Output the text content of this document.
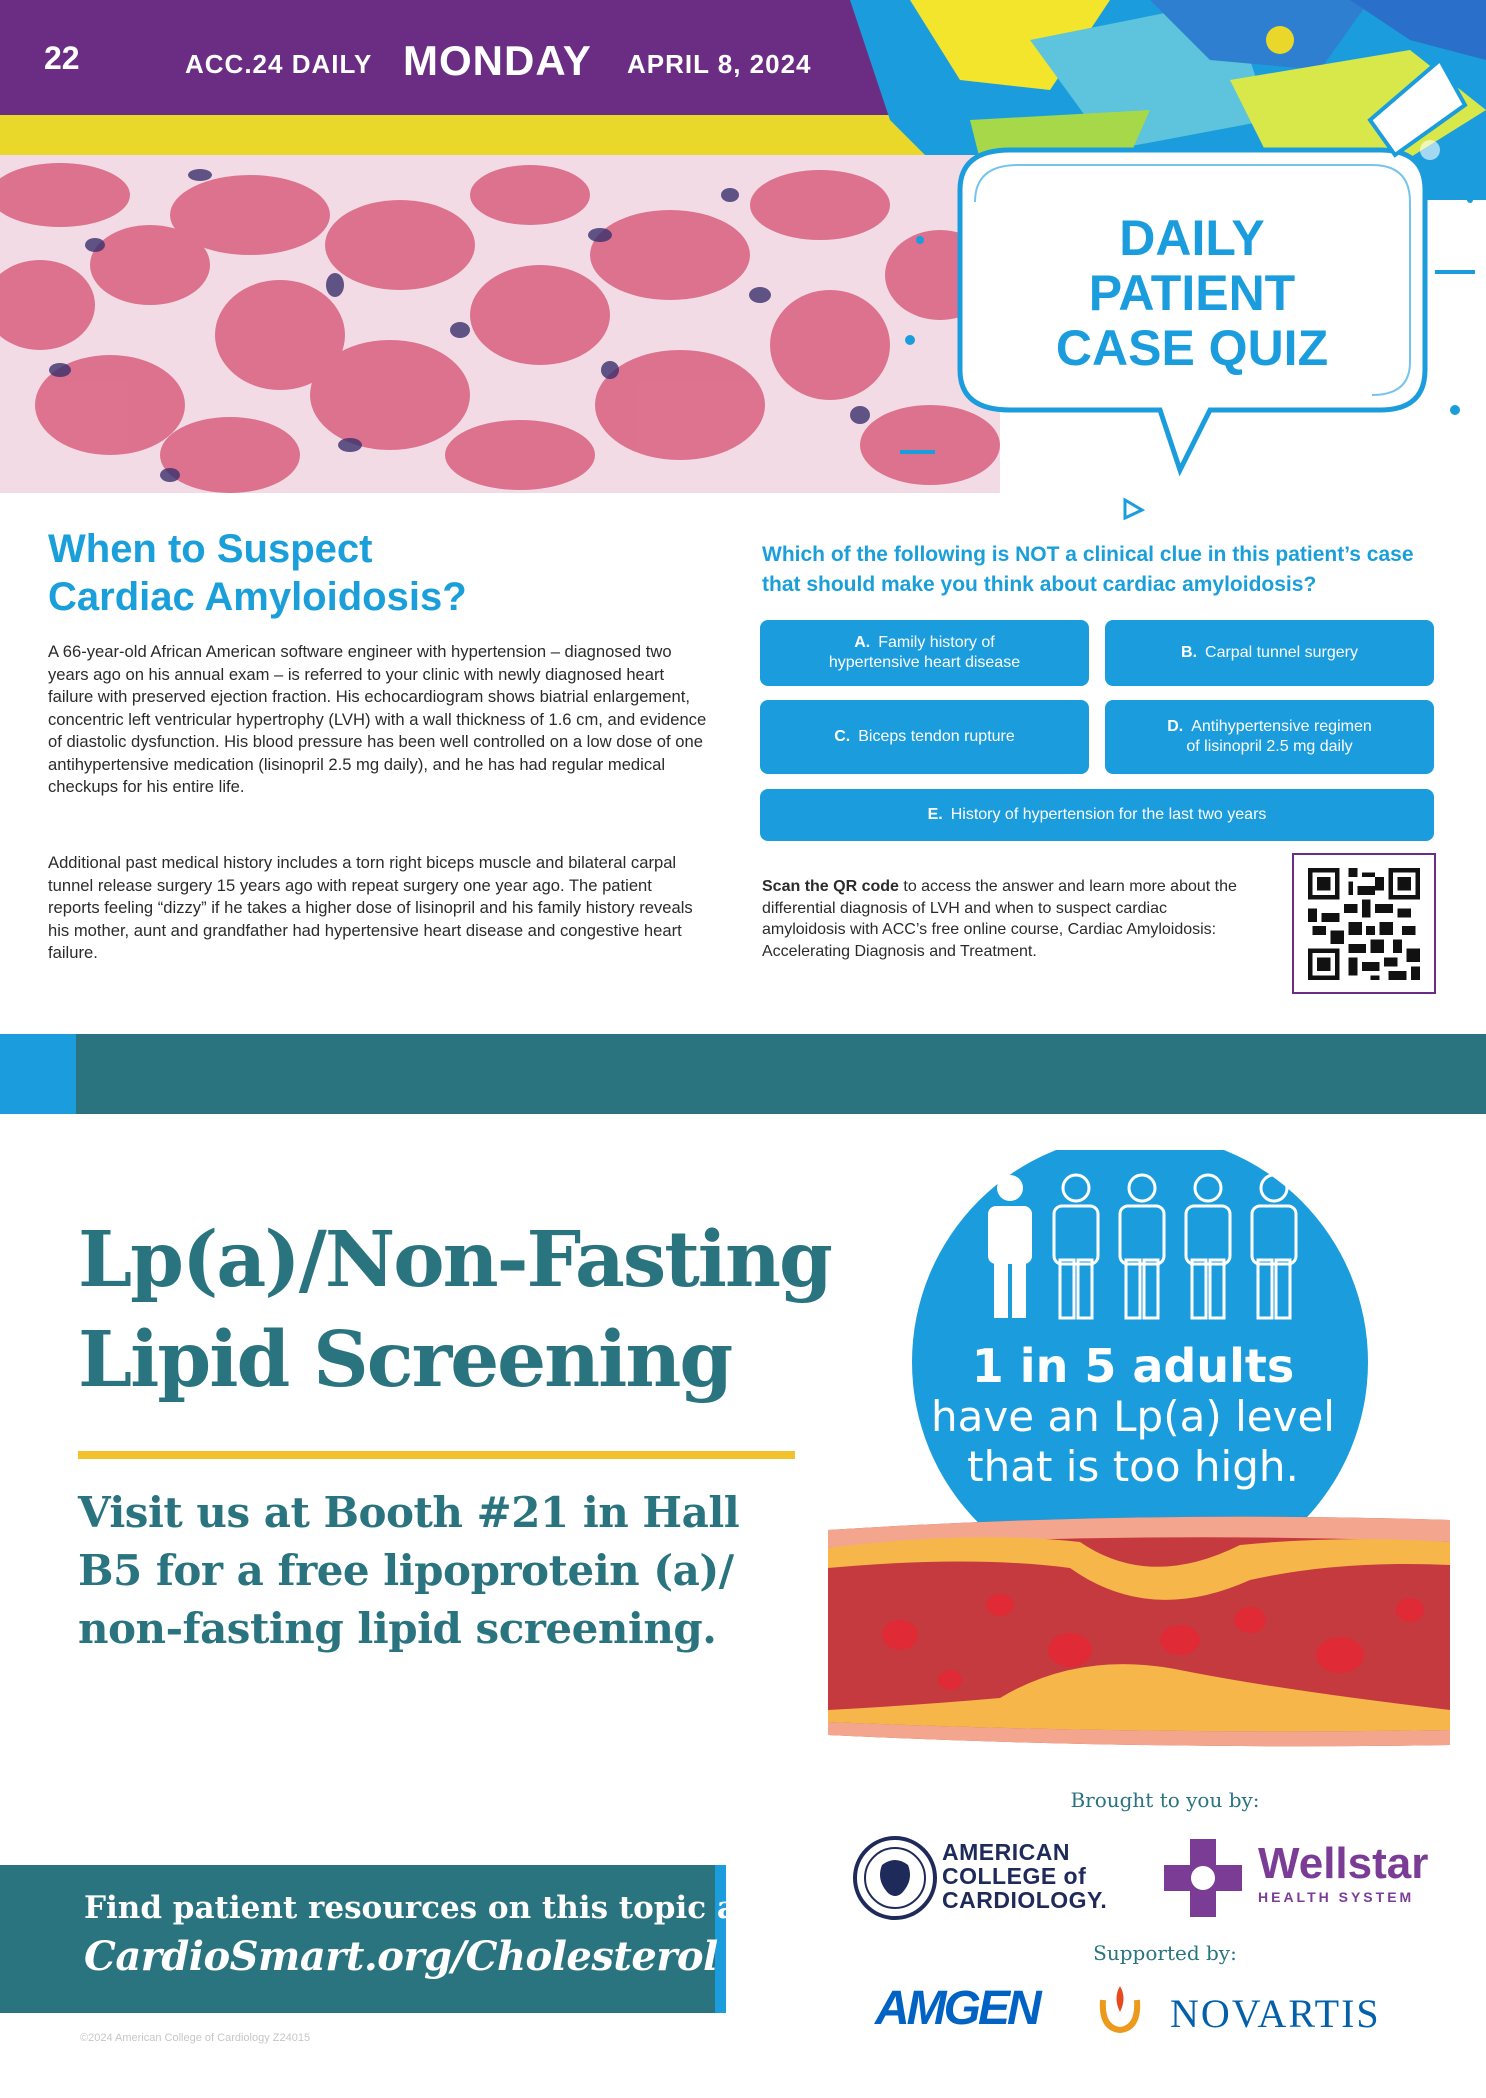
22	ACC.24 DAILY MONDAY APRIL 8, 2024
DAILY
PATIENT
CASE QUIZ
When to Suspect
Cardiac Amyloidosis?

A 66-year-old African American software engineer with hypertension – diagnosed two years ago on his annual exam – is referred to your clinic with newly diagnosed heart failure with preserved ejection fraction. His echocardiogram shows biatrial enlargement, concentric left ventricular hypertrophy (LVH) with a wall thickness of 1.6 cm, and evidence of diastolic dysfunction. His blood pressure has been well controlled on a low dose of one antihypertensive medication (lisinopril 2.5 mg daily), and he has had regular medical checkups for his entire life.

Additional past medical history includes a torn right biceps muscle and bilateral carpal tunnel release surgery 15 years ago with repeat surgery one year ago. The patient reports feeling “dizzy” if he takes a higher dose of lisinopril and his family history reveals his mother, aunt and grandfather had hypertensive heart disease and congestive heart failure.

Which of the following is NOT a clinical clue in this patient’s case that should make you think about cardiac amyloidosis?
A. Family history of
hypertensive heart disease
B. Carpal tunnel surgery
C. Biceps tendon rupture
D. Antihypertensive regimen
of lisinopril 2.5 mg daily
E. History of hypertension for the last two years
Scan the QR code to access the answer and learn more about the differential diagnosis of LVH and when to suspect cardiac amyloidosis with ACC’s free online course, Cardiac Amyloidosis: Accelerating Diagnosis and Treatment.
Lp(a)/Non-Fasting
Lipid Screening
Visit us at Booth #21 in Hall
B5 for a free lipoprotein (a)/
non-fasting lipid screening.
1 in 5 adults
have an Lp(a) level
that is too high.
Brought to you by:
AMERICAN
COLLEGE of
CARDIOLOGY.
Wellstar
HEALTH SYSTEM
Supported by:
AMGEN	NOVARTIS
Find patient resources on this topic at
CardioSmart.org/Cholesterol
©2024 American College of Cardiology Z24015
